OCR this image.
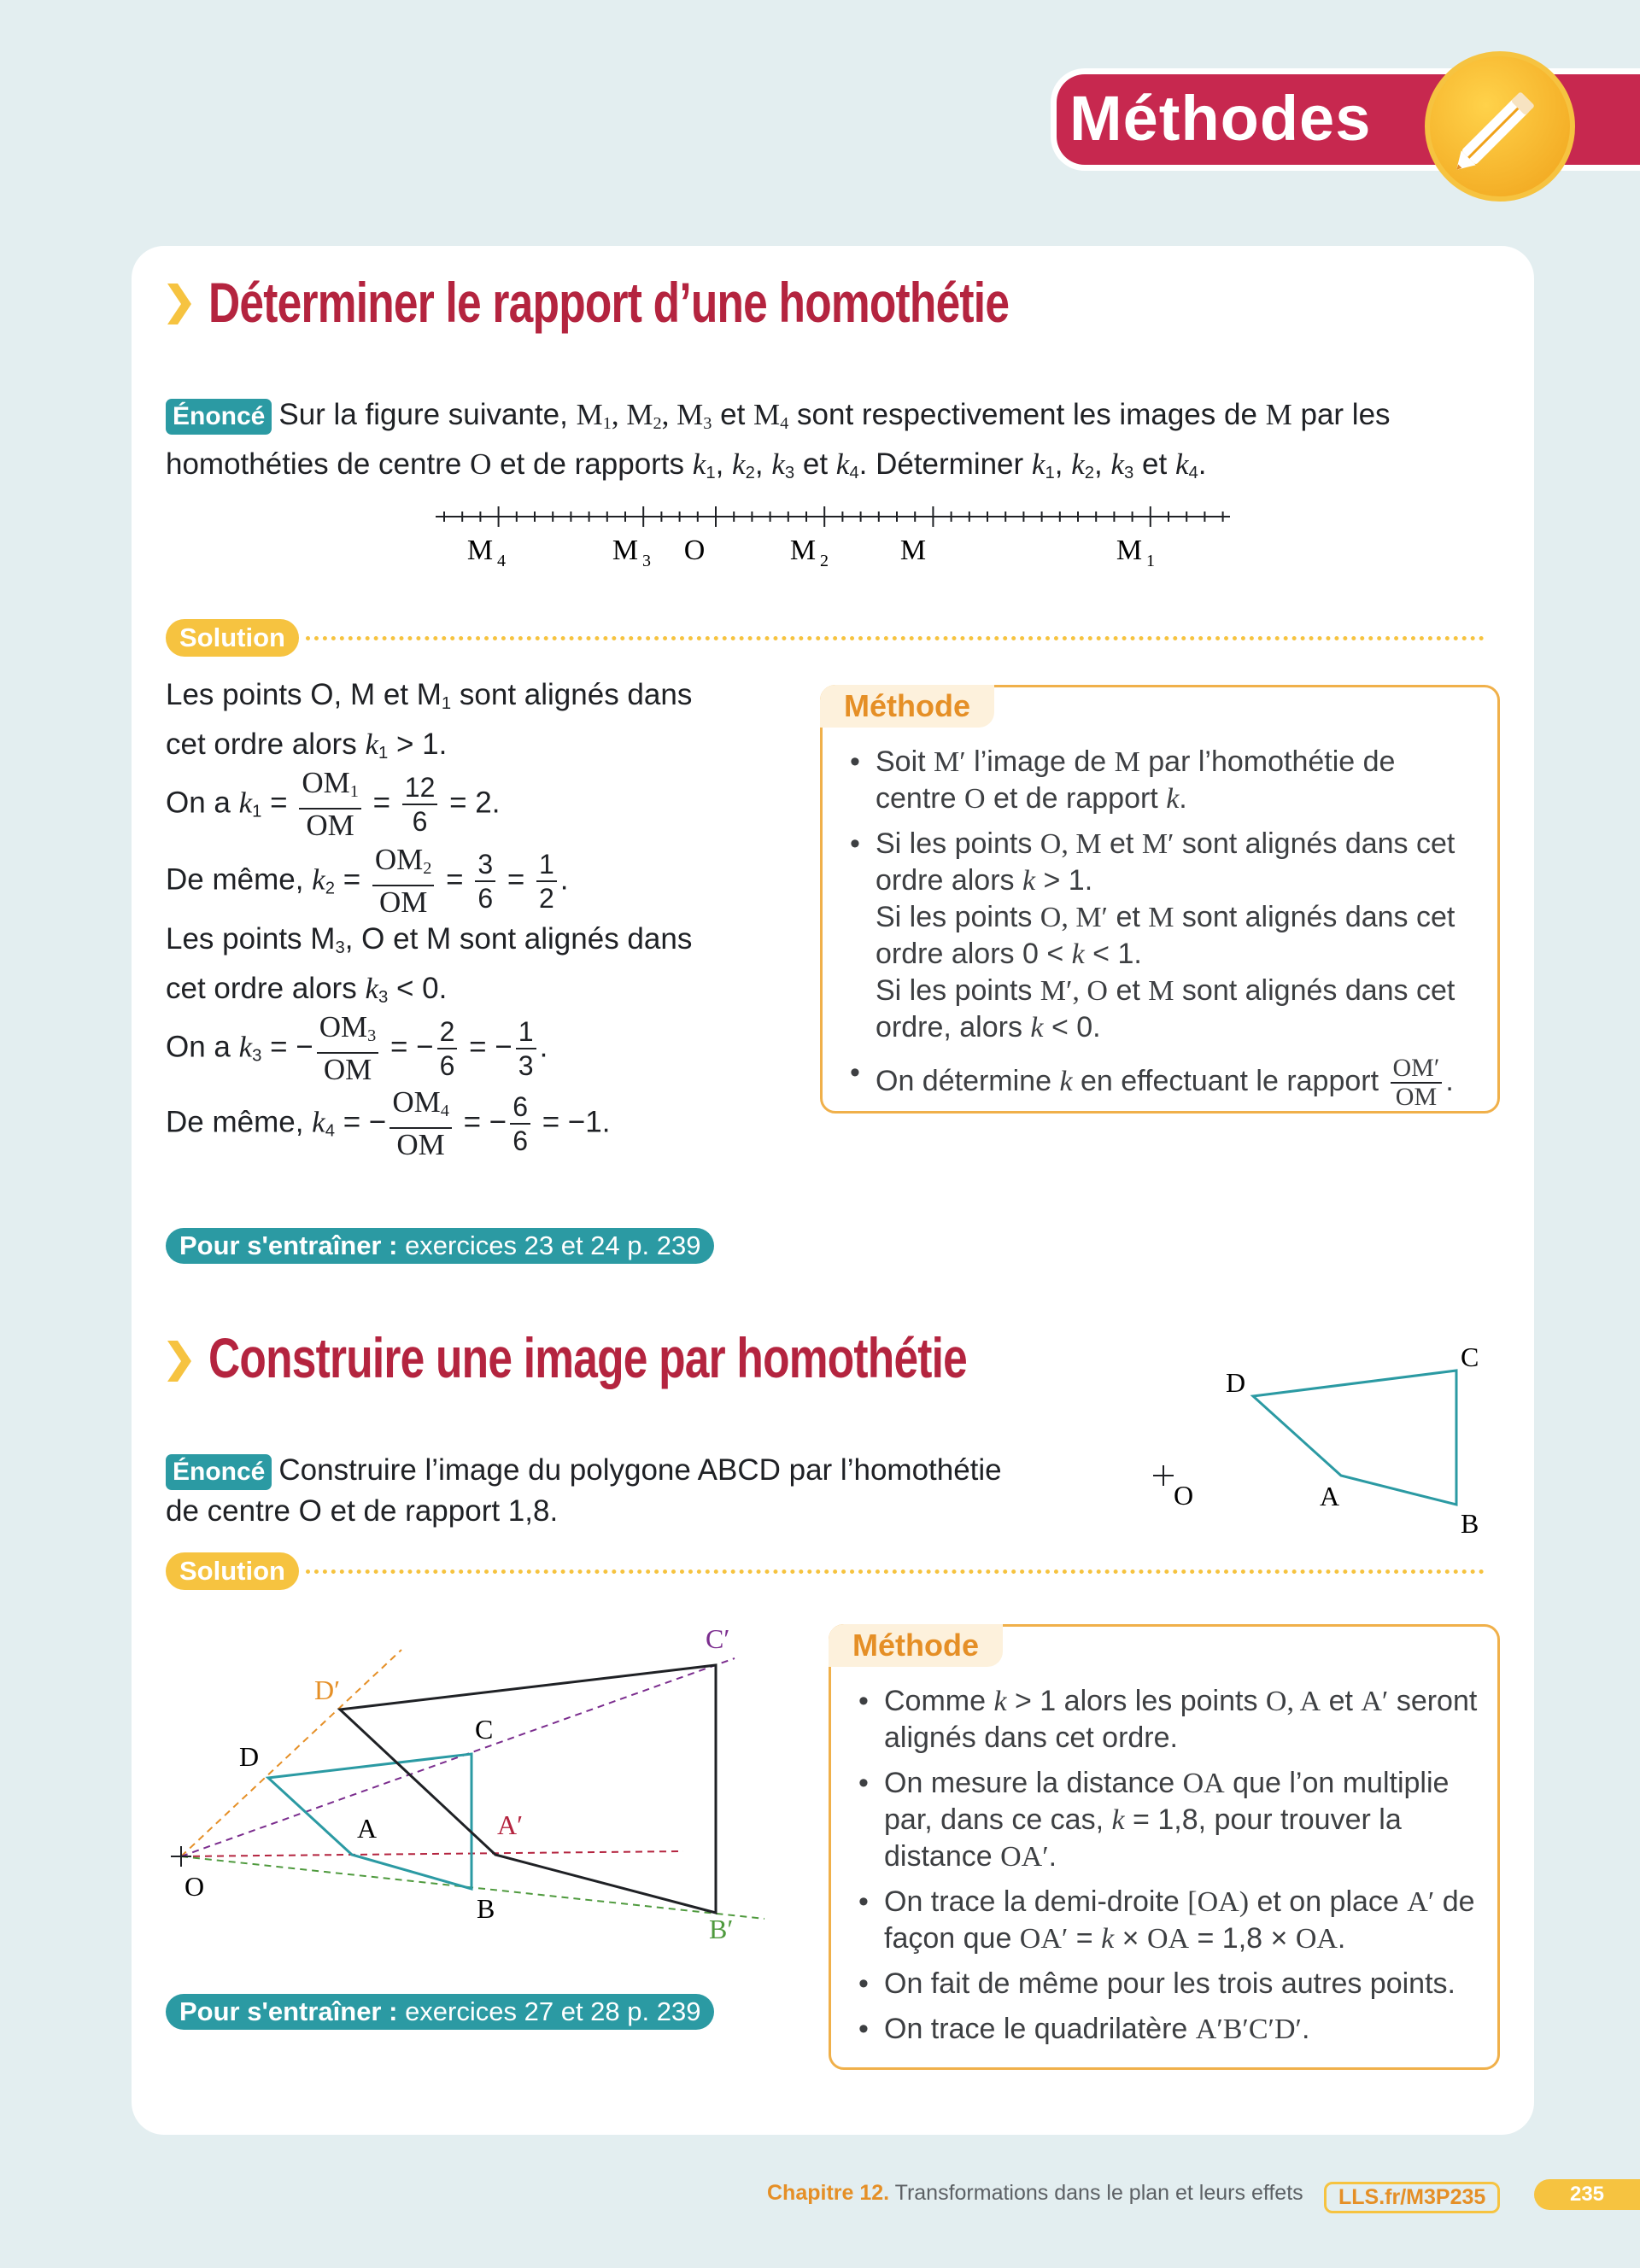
Méthodes
Déterminer le rapport d’une homothétie
Énoncé Sur la figure suivante, $M_1$, $M_2$, $M_3$ et $M_4$ sont respectivement les images de M par les
homothéties de centre O et de rapports $k_1$, $k_2$, $k_3$ et $k_4$. Déterminer $k_1$, $k_2$, $k_3$ et $k_4$.
M 4	M 3 O	M 2 M	M 1
Solution
Les points O, M et $M_1$ sont alignés dans
cet ordre alors $k_1 > 1$.
On a $k_1 = \frac{OM_1}{OM} = \frac{12}{6} = 2$.
De même, $k_2 = \frac{OM_2}{OM} = \frac{3}{6} = \frac{1}{2}$ .
Les points $M_3$, O et M sont alignés dans
cet ordre alors $k_3 < 0$.
On a $k_3$ = − $\frac{OM_3}{OM}$ = − $\frac{2}{6}$ = − $\frac{1}{3}$ .
De même, $k_4$ = − $\frac{OM_4}{OM}$ = − $\frac{6}{6} = -1$.
Méthode
• Soit M′ l’image de M par l’homothétie de centre O et de rapport k.
• Si les points O, M et M′ sont alignés dans cet ordre alors k > 1.
Si les points O, M′ et M sont alignés dans cet ordre alors 0 < k < 1.
Si les points M′, O et M sont alignés dans cet ordre, alors k < 0.
• On détermine k en effectuant le rapport $\frac{OM'}{OM}$ .
Pour s'entraîner : exercices 23 et 24 p. 239
Construire une image par homothétie
Énoncé Construire l’image du polygone ABCD par l’homothétie
de centre O et de rapport 1,8.
D
C
A
B
O
Solution
C′
D′
C
D
A′
A
O
B
B′
Méthode
• Comme k > 1 alors les points O, A et A′ seront alignés dans cet ordre.
• On mesure la distance OA que l’on multiplie par, dans ce cas, k = 1,8, pour trouver la distance OA′.
• On trace la demi-droite [OA) et on place A′ de façon que OA′ = k × OA = 1,8 × OA.
• On fait de même pour les trois autres points.
• On trace le quadrilatère A′B′C′D′.
Pour s'entraîner : exercices 27 et 28 p. 239
Chapitre 12. Transformations dans le plan et leurs effets	LLS.fr/M3P235	235
